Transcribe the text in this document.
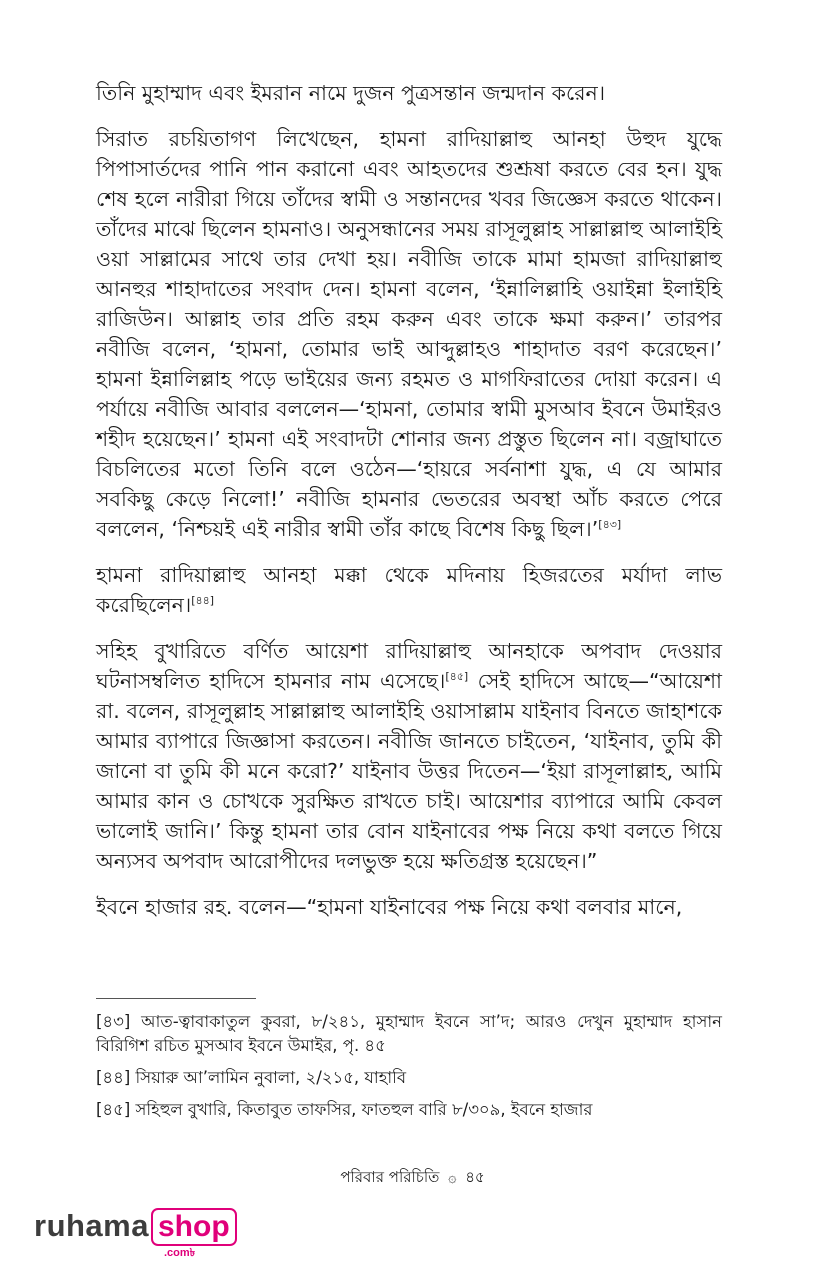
তিনি মুহাম্মাদ এবং ইমরান নামে দুজন পুত্রসন্তান জন্মদান করেন।

সিরাত রচয়িতাগণ লিখেছেন, হামনা রাদিয়াল্লাহু আনহা উহুদ যুদ্ধে পিপাসার্তদের পানি পান করানো এবং আহতদের শুশ্রূষা করতে বের হন। যুদ্ধ শেষ হলে নারীরা গিয়ে তাঁদের স্বামী ও সন্তানদের খবর জিজ্ঞেস করতে থাকেন। তাঁদের মাঝে ছিলেন হামনাও। অনুসন্ধানের সময় রাসূলুল্লাহ সাল্লাল্লাহু আলাইহি ওয়া সাল্লামের সাথে তার দেখা হয়। নবীজি তাকে মামা হামজা রাদিয়াল্লাহু আনহুর শাহাদাতের সংবাদ দেন। হামনা বলেন, ‘ইন্নালিল্লাহি ওয়াইন্না ইলাইহি রাজিউন। আল্লাহ তার প্রতি রহম করুন এবং তাকে ক্ষমা করুন।’ তারপর নবীজি বলেন, ‘হামনা, তোমার ভাই আব্দুল্লাহও শাহাদাত বরণ করেছেন।’ হামনা ইন্নালিল্লাহ পড়ে ভাইয়ের জন্য রহমত ও মাগফিরাতের দোয়া করেন। এ পর্যায়ে নবীজি আবার বললেন—‘হামনা, তোমার স্বামী মুসআব ইবনে উমাইরও শহীদ হয়েছেন।’ হামনা এই সংবাদটা শোনার জন্য প্রস্তুত ছিলেন না। বজ্রাঘাতে বিচলিতের মতো তিনি বলে ওঠেন—‘হায়রে সর্বনাশা যুদ্ধ, এ যে আমার সবকিছু কেড়ে নিলো!’ নবীজি হামনার ভেতরের অবস্থা আঁচ করতে পেরে বললেন, ‘নিশ্চয়ই এই নারীর স্বামী তাঁর কাছে বিশেষ কিছু ছিল।’[৪৩]

হামনা রাদিয়াল্লাহু আনহা মক্কা থেকে মদিনায় হিজরতের মর্যাদা লাভ করেছিলেন।[৪৪]

সহিহ বুখারিতে বর্ণিত আয়েশা রাদিয়াল্লাহু আনহাকে অপবাদ দেওয়ার ঘটনাসম্বলিত হাদিসে হামনার নাম এসেছে।[৪৫] সেই হাদিসে আছে—“আয়েশা রা. বলেন, রাসূলুল্লাহ সাল্লাল্লাহু আলাইহি ওয়াসাল্লাম যাইনাব বিনতে জাহাশকে আমার ব্যাপারে জিজ্ঞাসা করতেন। নবীজি জানতে চাইতেন, ‘যাইনাব, তুমি কী জানো বা তুমি কী মনে করো?’ যাইনাব উত্তর দিতেন—‘ইয়া রাসূলাল্লাহ, আমি আমার কান ও চোখকে সুরক্ষিত রাখতে চাই। আয়েশার ব্যাপারে আমি কেবল ভালোই জানি।’ কিন্তু হামনা তার বোন যাইনাবের পক্ষ নিয়ে কথা বলতে গিয়ে অন্যসব অপবাদ আরোপীদের দলভুক্ত হয়ে ক্ষতিগ্রস্ত হয়েছেন।”

ইবনে হাজার রহ. বলেন—“হামনা যাইনাবের পক্ষ নিয়ে কথা বলবার মানে,

[৪৩] আত-ত্বাবাকাতুল কুবরা, ৮/২৪১, মুহাম্মাদ ইবনে সা’দ; আরও দেখুন মুহাম্মাদ হাসান বিরিগিশ রচিত মুসআব ইবনে উমাইর, পৃ. ৪৫

[৪৪] সিয়ারু আ’লামিন নুবালা, ২/২১৫, যাহাবি

[৪৫] সহিহুল বুখারি, কিতাবুত তাফসির, ফাতহুল বারি ৮/৩০৯, ইবনে হাজার

পরিবার পরিচিতি ۞ ৪৫
ruhama shop
.com৳
